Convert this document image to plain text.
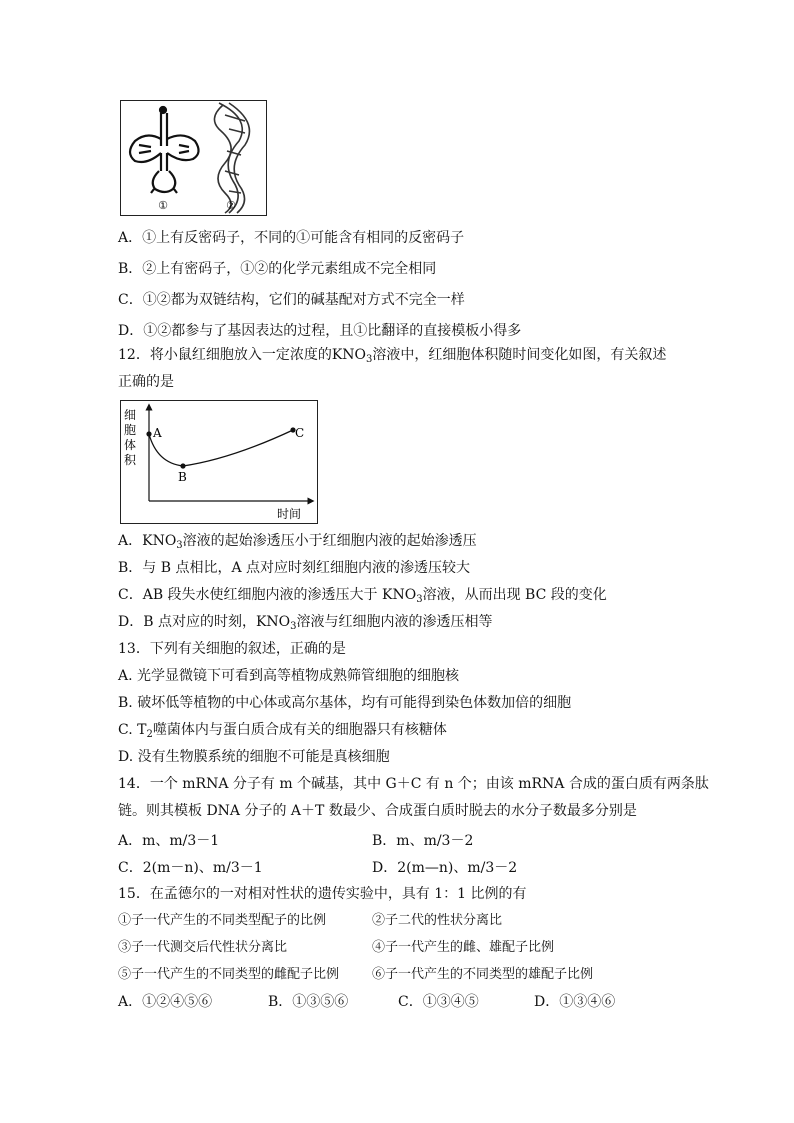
①	②
A．①上有反密码子，不同的①可能含有相同的反密码子
B．②上有密码子，①②的化学元素组成不完全相同
C．①②都为双链结构，它们的碱基配对方式不完全一样
D．①②都参与了基因表达的过程，且①比翻译的直接模板小得多
12．将小鼠红细胞放入一定浓度的$KNO_3$溶液中，红细胞体积随时间变化如图，有关叙述
正确的是
A
B
C
时间
细 胞 体 积
A．$KNO_3$溶液的起始渗透压小于红细胞内液的起始渗透压
B．与 B 点相比，A 点对应时刻红细胞内液的渗透压较大
C．AB 段失水使红细胞内液的渗透压大于 $KNO_3$溶液，从而出现 BC 段的变化
D．B 点对应的时刻，$KNO_3$溶液与红细胞内液的渗透压相等
13．下列有关细胞的叙述，正确的是
A. 光学显微镜下可看到高等植物成熟筛管细胞的细胞核
B. 破坏低等植物的中心体或高尔基体，均有可能得到染色体数加倍的细胞
C. $T_2$噬菌体内与蛋白质合成有关的细胞器只有核糖体
D. 没有生物膜系统的细胞不可能是真核细胞
14．一个 mRNA 分子有 m 个碱基，其中 G＋C 有 n 个；由该 mRNA 合成的蛋白质有两条肽
链。则其模板 DNA 分子的 A＋T 数最少、合成蛋白质时脱去的水分子数最多分别是
A．m、m/3－1	B．m、m/3－2
C．2(m－n)、m/3－1	D．2(m—n)、m/3－2
15．在孟德尔的一对相对性状的遗传实验中，具有 1：1 比例的有
①子一代产生的不同类型配子的比例	②子二代的性状分离比
③子一代测交后代性状分离比	④子一代产生的雌、雄配子比例
⑤子一代产生的不同类型的雌配子比例	⑥子一代产生的不同类型的雄配子比例
A．①②④⑤⑥	B．①③⑤⑥	C．①③④⑤	D．①③④⑥
